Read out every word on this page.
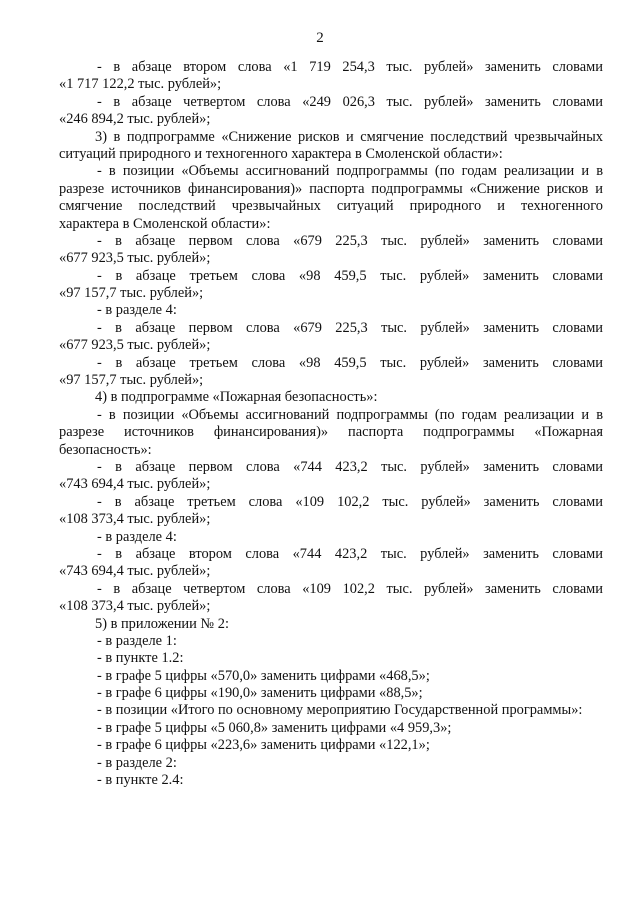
2
- в абзаце втором слова «1 719 254,3 тыс. рублей» заменить словами
«1 717 122,2 тыс. рублей»;
- в абзаце четвертом слова «249 026,3 тыс. рублей» заменить словами
«246 894,2 тыс. рублей»;
3) в подпрограмме «Снижение рисков и смягчение последствий чрезвычайных
ситуаций природного и техногенного характера в Смоленской области»:
- в позиции «Объемы ассигнований подпрограммы (по годам реализации и в
разрезе источников финансирования)» паспорта подпрограммы «Снижение рисков и
смягчение последствий чрезвычайных ситуаций природного и техногенного
характера в Смоленской области»:
- в абзаце первом слова «679 225,3 тыс. рублей» заменить словами
«677 923,5 тыс. рублей»;
- в абзаце третьем слова «98 459,5 тыс. рублей» заменить словами
«97 157,7 тыс. рублей»;
- в разделе 4:
- в абзаце первом слова «679 225,3 тыс. рублей» заменить словами
«677 923,5 тыс. рублей»;
- в абзаце третьем слова «98 459,5 тыс. рублей» заменить словами
«97 157,7 тыс. рублей»;
4) в подпрограмме «Пожарная безопасность»:
- в позиции «Объемы ассигнований подпрограммы (по годам реализации и в
разрезе источников финансирования)» паспорта подпрограммы «Пожарная
безопасность»:
- в абзаце первом слова «744 423,2 тыс. рублей» заменить словами
«743 694,4 тыс. рублей»;
- в абзаце третьем слова «109 102,2 тыс. рублей» заменить словами
«108 373,4 тыс. рублей»;
- в разделе 4:
- в абзаце втором слова «744 423,2 тыс. рублей» заменить словами
«743 694,4 тыс. рублей»;
- в абзаце четвертом слова «109 102,2 тыс. рублей» заменить словами
«108 373,4 тыс. рублей»;
5) в приложении № 2:
- в разделе 1:
- в пункте 1.2:
- в графе 5 цифры «570,0» заменить цифрами «468,5»;
- в графе 6 цифры «190,0» заменить цифрами «88,5»;
- в позиции «Итого по основному мероприятию Государственной программы»:
- в графе 5 цифры «5 060,8» заменить цифрами «4 959,3»;
- в графе 6 цифры «223,6» заменить цифрами «122,1»;
- в разделе 2:
- в пункте 2.4:
